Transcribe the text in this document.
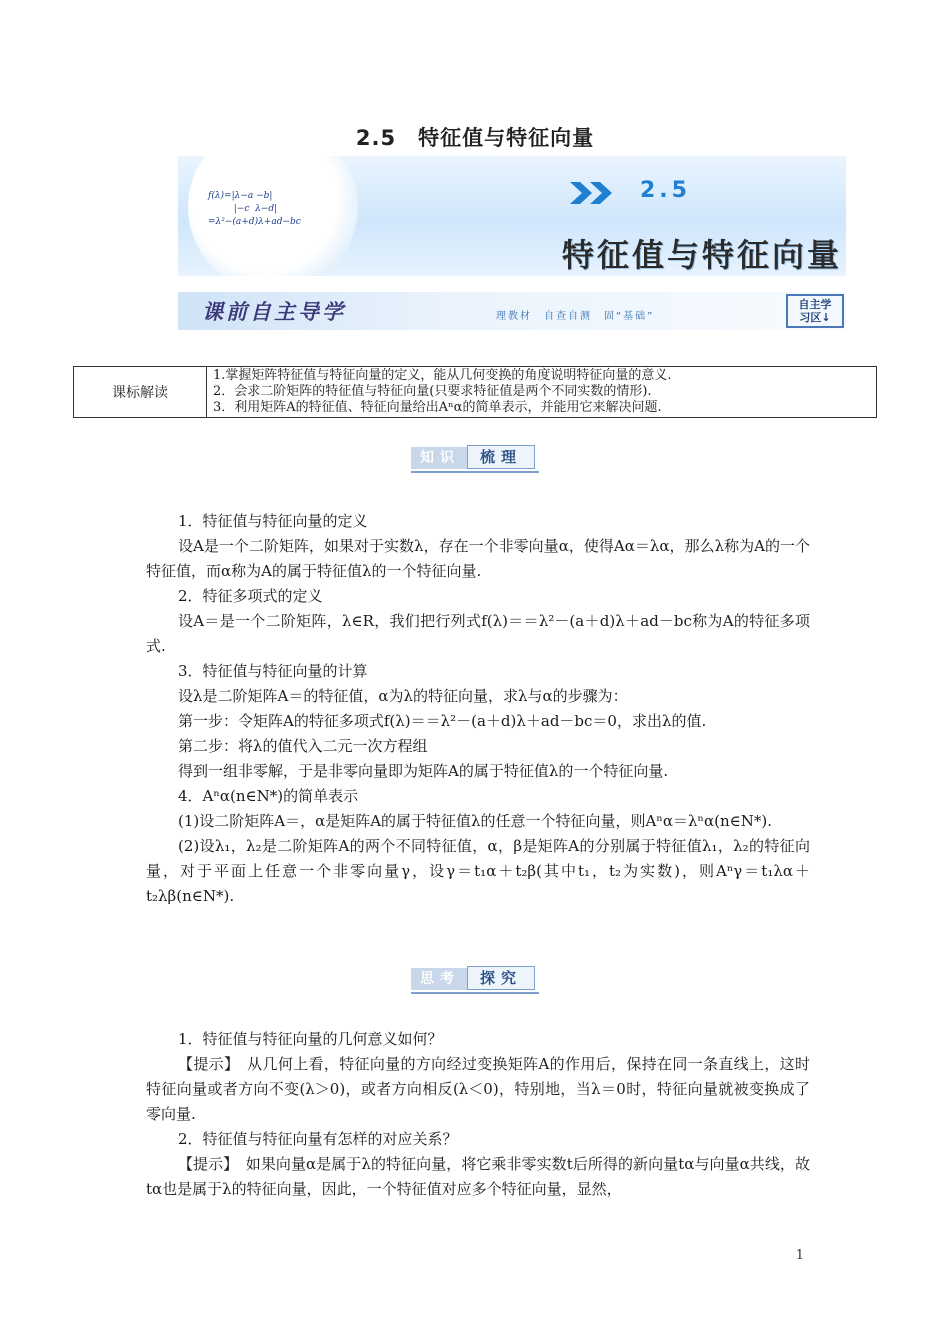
2.5　特征值与特征向量
f(λ)=|λ−a −b|
|−c  λ−d|
=λ²−(a+d)λ+ad−bc
2.5
特征值与特征向量
课前自主导学	理教材　自查自测　固“基础”
自主学
习区↓
课标解读	
1.掌握矩阵特征值与特征向量的定义，能从几何变换的角度说明特征向量的意义.
2．会求二阶矩阵的特征值与特征向量(只要求特征值是两个不同实数的情形).
3．利用矩阵A的特征值、特征向量给出Aⁿα的简单表示，并能用它来解决问题.
知识	梳理

1．特征值与特征向量的定义

设A是一个二阶矩阵，如果对于实数λ，存在一个非零向量α，使得Aα＝λα，那么λ称为A的一个特征值，而α称为A的属于特征值λ的一个特征向量.

2．特征多项式的定义

设A＝是一个二阶矩阵，λ∈R，我们把行列式f(λ)＝＝λ²－(a＋d)λ＋ad－bc称为A的特征多项式.

3．特征值与特征向量的计算

设λ是二阶矩阵A＝的特征值，α为λ的特征向量，求λ与α的步骤为：

第一步：令矩阵A的特征多项式f(λ)＝＝λ²－(a＋d)λ＋ad－bc＝0，求出λ的值.

第二步：将λ的值代入二元一次方程组

得到一组非零解，于是非零向量即为矩阵A的属于特征值λ的一个特征向量.

4．Aⁿα(n∈N*)的简单表示

(1)设二阶矩阵A＝，α是矩阵A的属于特征值λ的任意一个特征向量，则Aⁿα＝λⁿα(n∈N*).

(2)设λ₁，λ₂是二阶矩阵A的两个不同特征值，α，β是矩阵A的分别属于特征值λ₁，λ₂的特征向量，对于平面上任意一个非零向量γ，设γ＝t₁α＋t₂β(其中t₁，t₂为实数)，则Aⁿγ＝t₁λα＋t₂λβ(n∈N*).

思考	探究

1．特征值与特征向量的几何意义如何？

【提示】　从几何上看，特征向量的方向经过变换矩阵A的作用后，保持在同一条直线上，这时特征向量或者方向不变(λ＞0)，或者方向相反(λ＜0)，特别地，当λ＝0时，特征向量就被变换成了零向量.

2．特征值与特征向量有怎样的对应关系？

【提示】　如果向量α是属于λ的特征向量，将它乘非零实数t后所得的新向量tα与向量α共线，故tα也是属于λ的特征向量，因此，一个特征值对应多个特征向量，显然，

1
